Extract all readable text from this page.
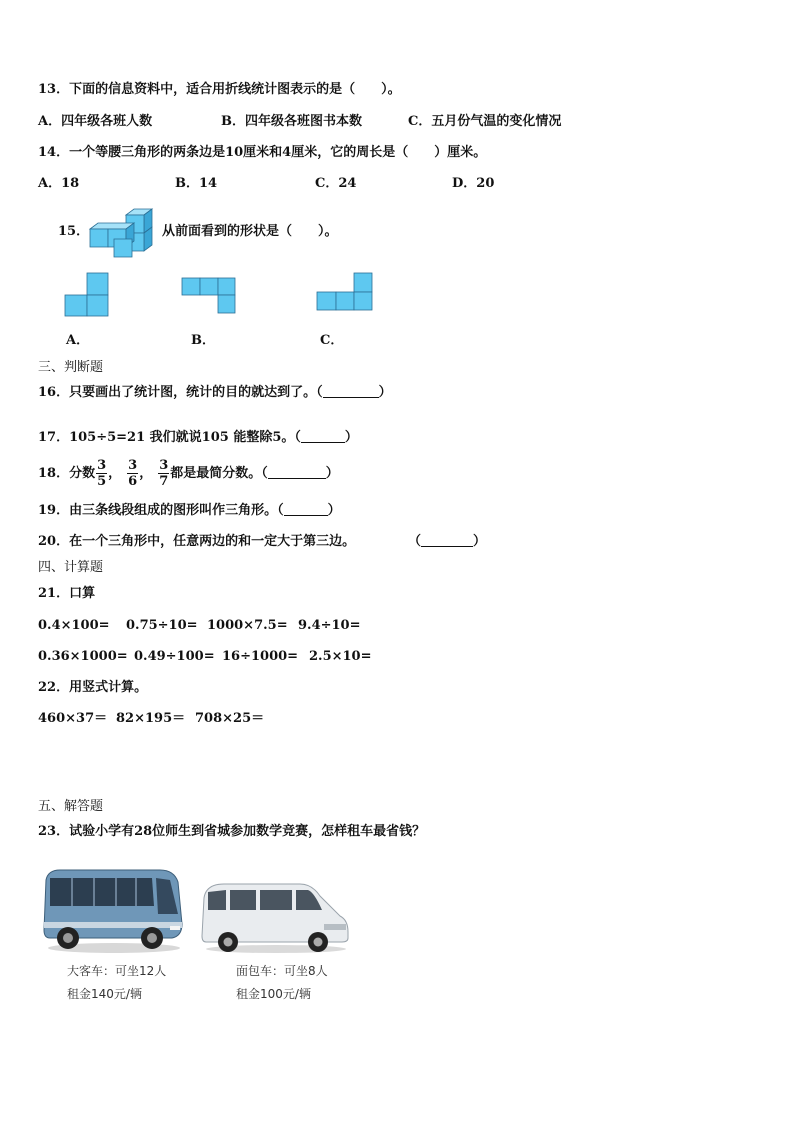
13．下面的信息资料中，适合用折线统计图表示的是（　　）。
A．四年级各班人数	B．四年级各班图书本数	C．五月份气温的变化情况
14．一个等腰三角形的两条边是10厘米和4厘米，它的周长是（　　）厘米。
A．18	B．14	C．24	D．20
15．	从前面看到的形状是（　　）。
A．	B．	C．
三、判断题
16．只要画出了统计图，统计的目的就达到了。（	）
17．105÷5=21 我们就说105 能整除5。（	）
18．分数 $\frac{3}{5}$ ， $\frac{3}{6}$ ， $\frac{3}{7}$ 都是最简分数。（	）
19．由三条线段组成的图形叫作三角形。（	）
20．在一个三角形中，任意两边的和一定大于第三边。	（	）
四、计算题
21．口算
0.4×100= 0.75÷10= 1000×7.5= 9.4÷10=
0.36×1000= 0.49÷100= 16÷1000= 2.5×10=
22．用竖式计算。
460×37＝ 82×195＝ 708×25＝
五、解答题
23．试验小学有28位师生到省城参加数学竞赛，怎样租车最省钱？
大客车：可坐12人
租金140元/辆
面包车：可坐8人
租金100元/辆
